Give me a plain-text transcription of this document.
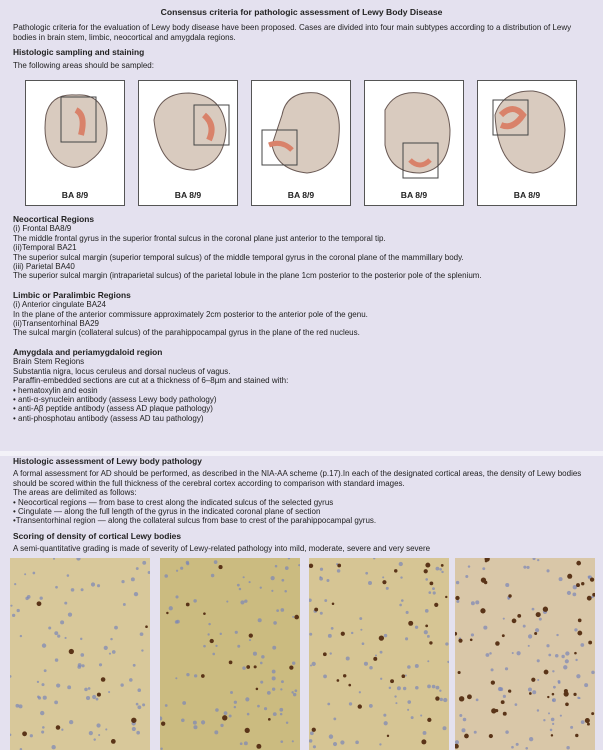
Consensus criteria for pathologic assessment of Lewy Body Disease

Pathologic criteria for the evaluation of Lewy body disease have been proposed. Cases are divided into four main subtypes according to a distribution of Lewy bodies in brain stem, limbic, neocortical and amygdala regions.

Histologic sampling and staining

The following areas should be sampled:

BA 8/9	BA 8/9	BA 8/9	BA 8/9	BA 8/9
Neocortical Regions
(i) Frontal BA8/9
The middle frontal gyrus in the superior frontal sulcus in the coronal plane just anterior to the temporal tip.
(ii)Temporal BA21
The superior sulcal margin (superior temporal sulcus) of the middle temporal gyrus in the coronal plane of the mammillary body.
(iii) Parietal BA40
The superior sulcal margin (intraparietal sulcus) of the parietal lobule in the plane 1cm posterior to the posterior pole of the splenium.
Limbic or Paralimbic Regions
(i) Anterior cingulate BA24
In the plane of the anterior commissure approximately 2cm posterior to the anterior pole of the genu.
(ii)Transentorhinal BA29
The sulcal margin (collateral sulcus) of the parahippocampal gyrus in the plane of the red nucleus.
Amygdala and periamygdaloid region
Brain Stem Regions
Substantia nigra, locus ceruleus and dorsal nucleus of vagus.
Paraffin-embedded sections are cut at a thickness of 6–8µm and stained with:
• hematoxylin and eosin
• anti-α-synuclein antibody (assess Lewy body pathology)
• anti-Aβ peptide antibody (assess AD plaque pathology)
• anti-phosphotau antibody (assess AD tau pathology)
Histologic assessment of Lewy body pathology

A formal assessment for AD should be performed, as described in the NIA-AA scheme (p.17).In each of the designated cortical areas, the density of Lewy bodies should be scored within the full thickness of the cerebral cortex according to comparison with standard images.

The areas are delimited as follows:
• Neocortical regions — from base to crest along the indicated sulcus of the selected gyrus
• Cingulate — along the full length of the gyrus in the indicated coronal plane of section
•Transentorhinal region — along the collateral sulcus from base to crest of the parahippocampal gyrus.
Scoring of density of cortical Lewy bodies

A semi-quantitative grading is made of severity of Lewy-related pathology into mild, moderate, severe and very severe
